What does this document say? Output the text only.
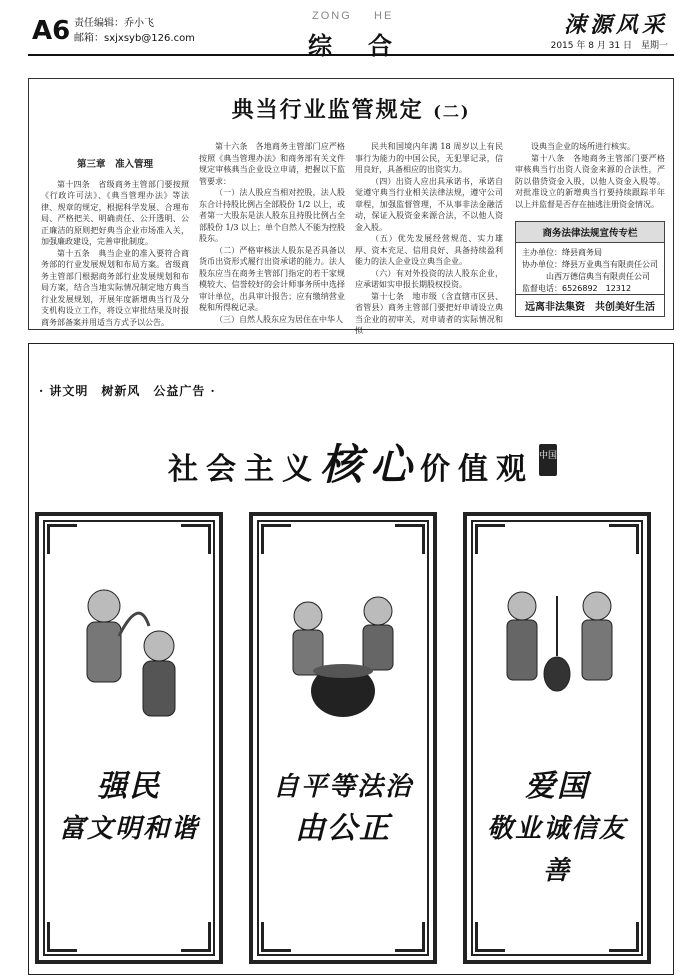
A6 责任编辑：乔小飞
邮箱：sxjxsyb@126.com
ZONG HE
综 合
涑源风采
2015 年 8 月 31 日　星期一
典当行业监管规定 (二)

第三章　准入管理

第十四条　省级商务主管部门要按照《行政许可法》、《典当管理办法》等法律、规章的规定，根据科学发展、合理布局、严格把关、明确责任、公开透明、公正廉洁的原则把好典当企业市场准入关，加强廉政建设，完善审批制度。

第十五条　典当企业的准入要符合商务部的行业发展规划和布局方案。省级商务主管部门根据商务部行业发展规划和布局方案，结合当地实际情况制定地方典当行业发展规划，开展年度新增典当行及分支机构设立工作，将设立审批结果及时报商务部备案并用适当方式予以公告。

第十六条　各地商务主管部门应严格按照《典当管理办法》和商务部有关文件规定审核典当企业设立申请，把握以下监管要求：

（一）法人股应当相对控股，法人股东合计持股比例占全部股份 1/2 以上，或者第一大股东是法人股东且持股比例占全部股份 1/3 以上；单个自然人不能为控股股东。

（二）严格审核法人股东是否具备以货币出资形式履行出资承诺的能力。法人股东应当在商务主管部门指定的若干家规模较大、信誉较好的会计师事务所中选择审计单位，出具审计报告；应有缴纳营业税和所得税记录。

（三）自然人股东应为居住在中华人

民共和国境内年满 18 周岁以上有民事行为能力的中国公民，无犯罪记录，信用良好，具备相应的出资实力。

（四）出资人应出具承诺书，承诺自觉遵守典当行业相关法律法规，遵守公司章程，加强监督管理，不从事非法金融活动，保证入股资金来源合法，不以他人资金入股。

（五）优先发展经营规范、实力雄厚、资本充足、信用良好、具备持续盈利能力的法人企业设立典当企业。

（六）有对外投资的法人股东企业，应承诺如实申报长期股权投资。

第十七条　地市级（含直辖市区县、省管县）商务主管部门要把好申请设立典当企业的初审关，对申请者的实际情况和拟

设典当企业的场所进行核实。

第十八条　各地商务主管部门要严格审核典当行出资人资金来源的合法性，严防以借贷资金入股，以他人资金入股等。对批准设立的新增典当行要持续跟踪半年以上并监督是否存在抽逃注册资金情况。

商务法律法规宣传专栏
主办单位：绛县商务局
协办单位：绛县万业典当有限责任公司
山西万德信典当有限责任公司
监督电话：6526892　12312
远离非法集资　共创美好生活
· 讲文明　树新风　公益广告 ·
社会主义核心价值观 中国
强民
富文明和谐
自平等法治
由公正
爱国
敬业诚信友善
